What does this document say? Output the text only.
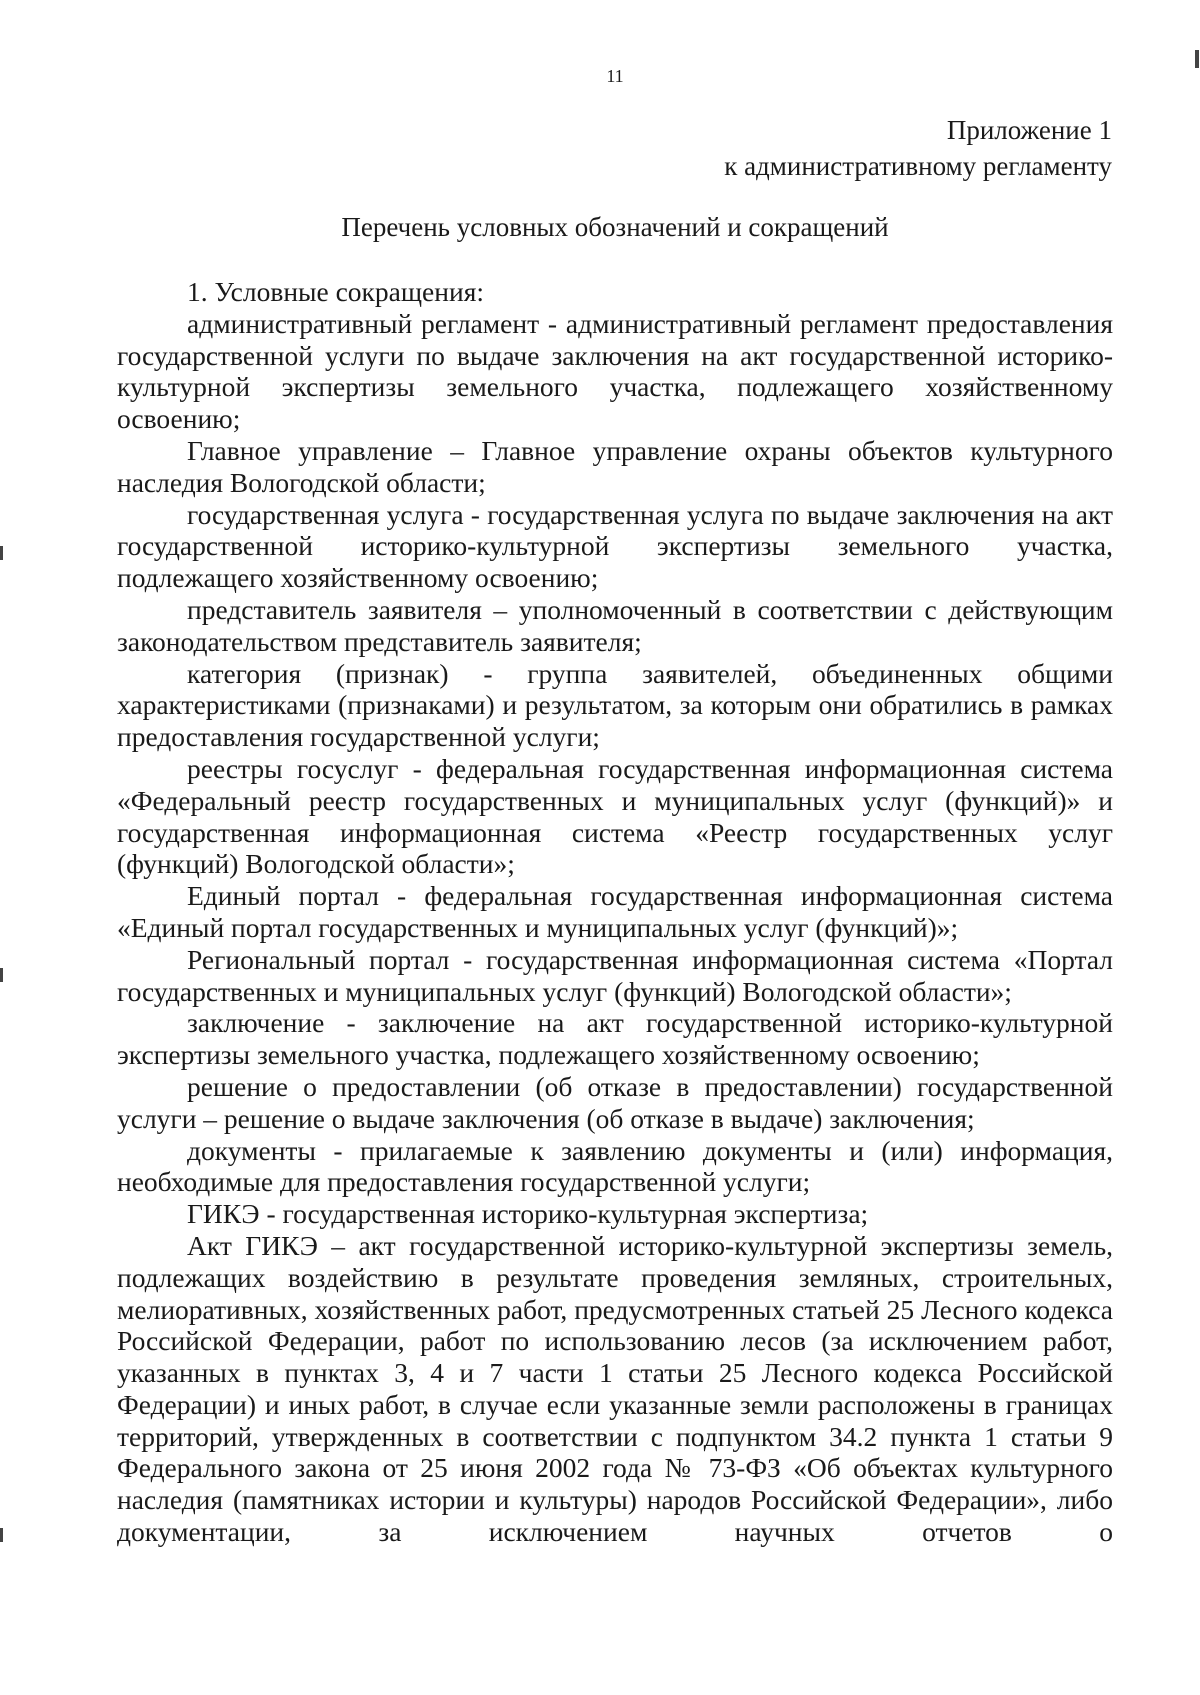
11
Приложение 1
к административному регламенту
Перечень условных обозначений и сокращений

1. Условные сокращения:

административный регламент - административный регламент предоставления государственной услуги по выдаче заключения на акт государственной историко-культурной экспертизы земельного участка, подлежащего хозяйственному освоению;

Главное управление – Главное управление охраны объектов культурного наследия Вологодской области;

государственная услуга - государственная услуга по выдаче заключения на акт государственной историко-культурной экспертизы земельного участка, подлежащего хозяйственному освоению;

представитель заявителя – уполномоченный в соответствии с действующим законодательством представитель заявителя;

категория (признак) - группа заявителей, объединенных общими характеристиками (признаками) и результатом, за которым они обратились в рамках предоставления государственной услуги;

реестры госуслуг - федеральная государственная информационная система «Федеральный реестр государственных и муниципальных услуг (функций)» и государственная информационная система «Реестр государственных услуг (функций) Вологодской области»;

Единый портал - федеральная государственная информационная система «Единый портал государственных и муниципальных услуг (функций)»;

Региональный портал - государственная информационная система «Портал государственных и муниципальных услуг (функций) Вологодской области»;

заключение - заключение на акт государственной историко-культурной экспертизы земельного участка, подлежащего хозяйственному освоению;

решение о предоставлении (об отказе в предоставлении) государственной услуги – решение о выдаче заключения (об отказе в выдаче) заключения;

документы - прилагаемые к заявлению документы и (или) информация, необходимые для предоставления государственной услуги;

ГИКЭ - государственная историко-культурная экспертиза;

Акт ГИКЭ – акт государственной историко-культурной экспертизы земель, подлежащих воздействию в результате проведения земляных, строительных, мелиоративных, хозяйственных работ, предусмотренных статьей 25 Лесного кодекса Российской Федерации, работ по использованию лесов (за исключением работ, указанных в пунктах 3, 4 и 7 части 1 статьи 25 Лесного кодекса Российской Федерации) и иных работ, в случае если указанные земли расположены в границах территорий, утвержденных в соответствии с подпунктом 34.2 пункта 1 статьи 9 Федерального закона от 25 июня 2002 года № 73-ФЗ «Об объектах культурного наследия (памятниках истории и культуры) народов Российской Федерации», либо документации, за исключением научных отчетов о
